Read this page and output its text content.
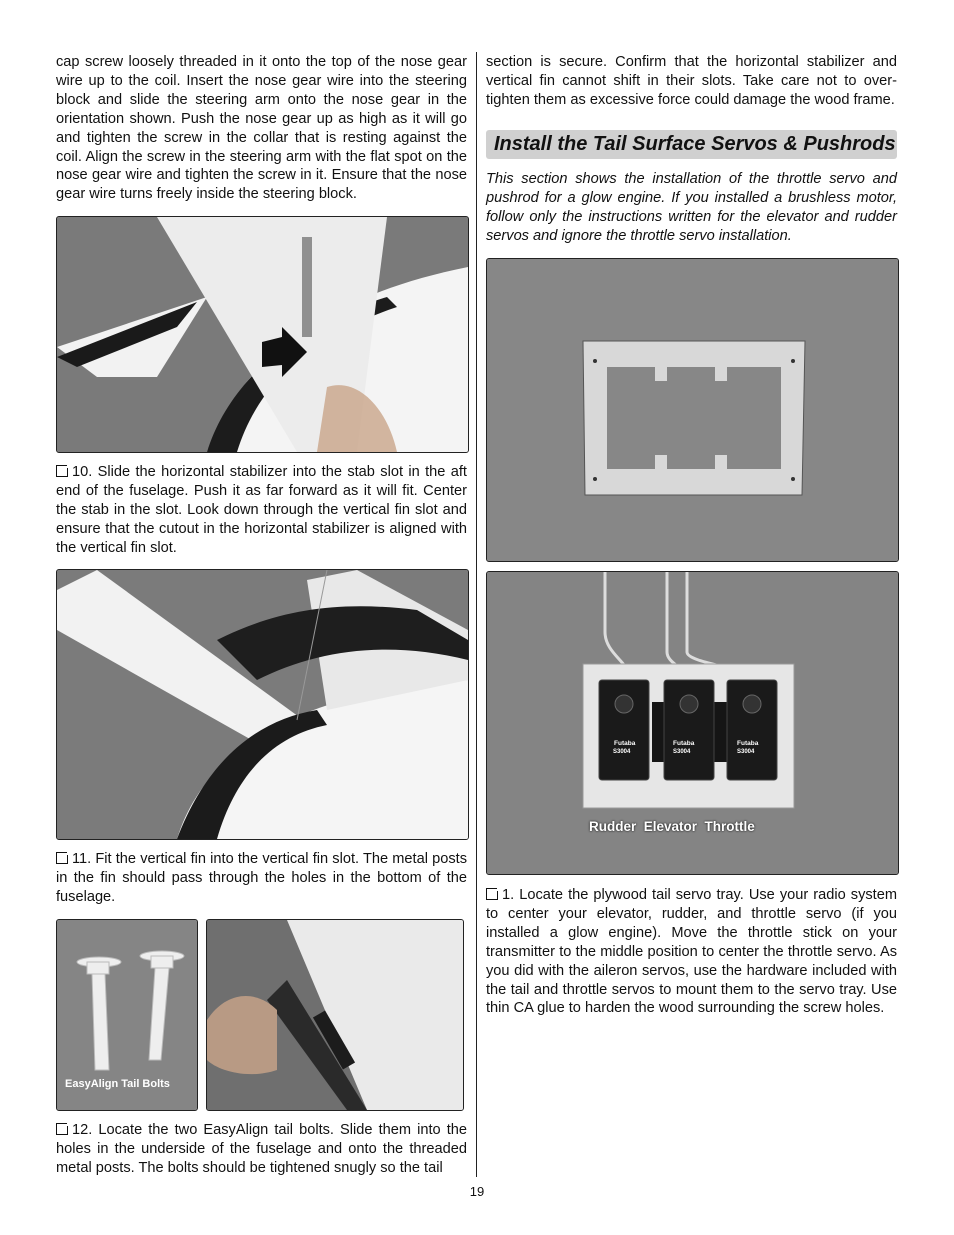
cap screw loosely threaded in it onto the top of the nose gear wire up to the coil. Insert the nose gear wire into the steering block and slide the steering arm onto the nose gear in the orientation shown. Push the nose gear up as high as it will go and tighten the screw in the collar that is resting against the coil. Align the screw in the steering arm with the flat spot on the nose gear wire and tighten the screw in it. Ensure that the nose gear wire turns freely inside the steering block.

10. Slide the horizontal stabilizer into the stab slot in the aft end of the fuselage. Push it as far forward as it will fit. Center the stab in the slot. Look down through the vertical fin slot and ensure that the cutout in the horizontal stabilizer is aligned with the vertical fin slot.

11. Fit the vertical fin into the vertical fin slot. The metal posts in the fin should pass through the holes in the bottom of the fuselage.

EasyAlign Tail Bolts

12. Locate the two EasyAlign tail bolts. Slide them into the holes in the underside of the fuselage and onto the threaded metal posts. The bolts should be tightened snugly so the tail

section is secure. Confirm that the horizontal stabilizer and vertical fin cannot shift in their slots. Take care not to over-tighten them as excessive force could damage the wood frame.

Install the Tail Surface Servos & Pushrods

This section shows the installation of the throttle servo and pushrod for a glow engine. If you installed a brushless motor, follow only the instructions written for the elevator and rudder servos and ignore the throttle servo installation.

Futaba	Futaba	Futaba
S3004	S3004	S3004
Rudder  Elevator  Throttle

1. Locate the plywood tail servo tray. Use your radio system to center your elevator, rudder, and throttle servo (if you installed a glow engine). Move the throttle stick on your transmitter to the middle position to center the throttle servo. As you did with the aileron servos, use the hardware included with the tail and throttle servos to mount them to the servo tray. Use thin CA glue to harden the wood surrounding the screw holes.

19
